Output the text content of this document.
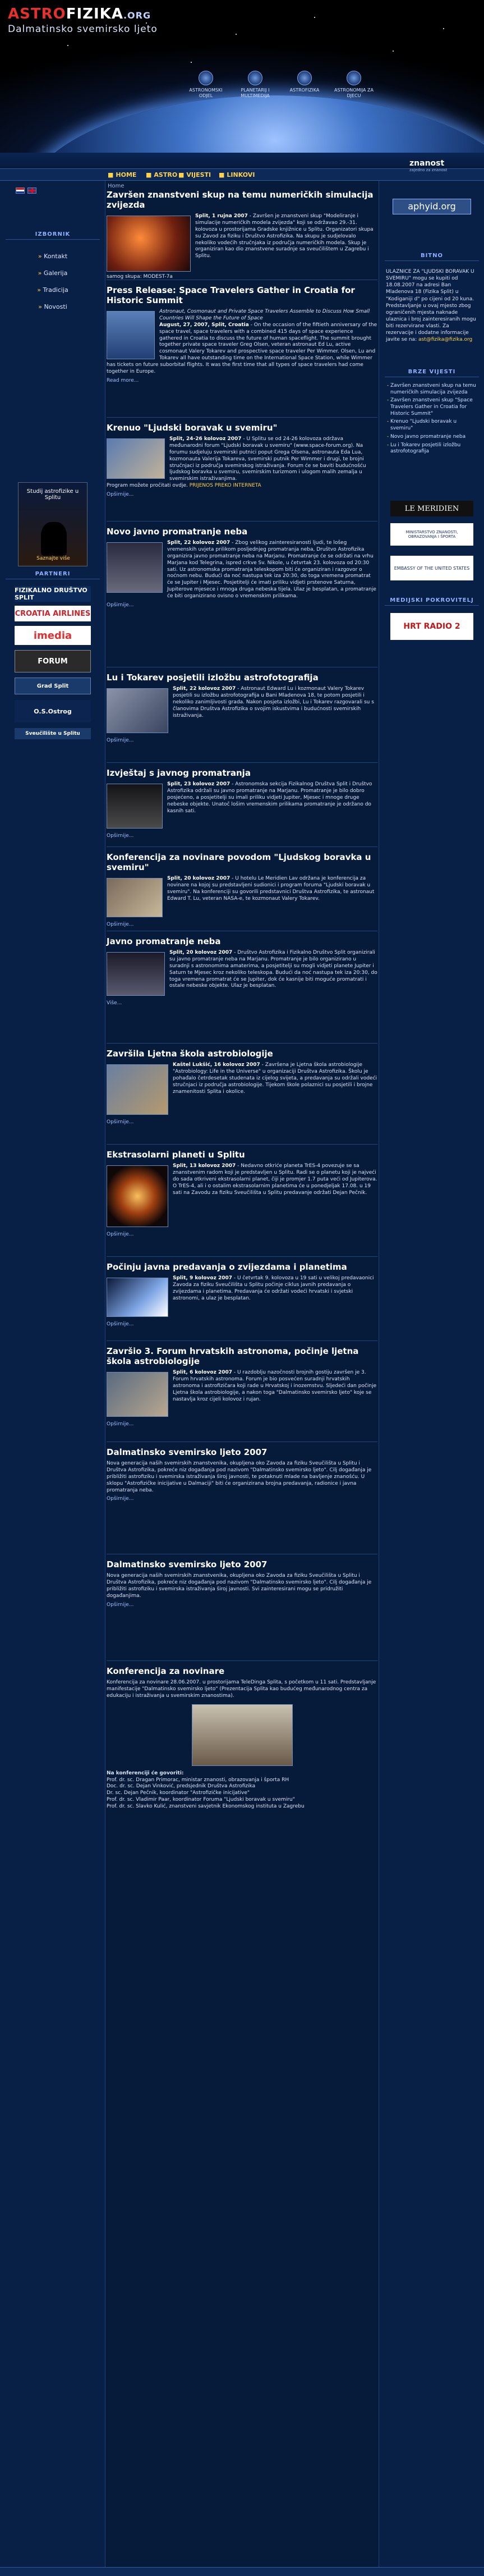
ASTROFIZIKA.ORG
Dalmatinsko svemirsko ljeto
ASTRONOMSKI ODJEL
PLANETARIJ I MULTIMEDIJA
ASTROFIZIKA	ASTRONOMIJA ZA DJECU
■ HOME ■ ASTRO ■ VIJESTI ■ LINKOVI
znanost
zajedno za znanost
Home
IZBORNIK
» Kontakt
» Galerija
» Tradicija
» Novosti
Studij astrofizike u Splitu
Saznajte više
PARTNERI
FIZIKALNO DRUŠTVO SPLIT
CROATIA AIRLINES
imedia
FORUM
Grad Split
O.S.Ostrog
Sveučilište u Splitu
aphyid.org
BITNO
ULAZNICE ZA "LJUDSKI BORAVAK U SVEMIRU" mogu se kupiti od 18.08.2007 na adresi Ban Mladenova 18 (Fizika Split) u "Kodiganiji d" po cijeni od 20 kuna. Predstavljanje u ovaj mjesto zbog ograničenih mjesta naknade ulaznica i broj zainteresiranih mogu biti rezervirane vlasti. Za rezervacije i dodatne informacije javite se na: ast@fizika@fizika.org
BRZE VIJESTI
- Završen znanstveni skup na temu numeričkih simulacija zvijezda
- Završen znanstveni skup "Space Travelers Gather in Croatia for Historic Summit"
- Krenuo "Ljudski boravak u svemiru"
- Novo javno promatranje neba
- Lu i Tokarev posjetili izložbu astrofotografija
LE MERIDIEN
MINISTARSTVO ZNANOSTI, OBRAZOVANJA I ŠPORTA
EMBASSY OF THE UNITED STATES
MEDIJSKI POKROVITELJ
HRT RADIO 2
Završen znanstveni skup na temu numeričkih simulacija zvijezda
Split, 1 rujna 2007 - Završen je znanstveni skup "Modeliranje i simulacije numeričkih modela zvijezda" koji se održavao 29.-31. kolovoza u prostorijama Gradske knjižnice u Splitu. Organizatori skupa su Zavod za fiziku i Društvo Astrofizika. Na skupu je sudjelovalo nekoliko vodećih stručnjaka iz područja numeričkih modela. Skup je organiziran kao dio znanstvene suradnje sa sveučilištem u Zagrebu i Splitu.
samog skupa: MODEST-7a
Press Release: Space Travelers Gather in Croatia for Historic Summit
Astronaut, Cosmonaut and Private Space Travelers Assemble to Discuss How Small Countries Will Shape the Future of Space
August, 27, 2007, Split, Croatia - On the occasion of the fiftieth anniversary of the space travel, space travelers with a combined 415 days of space experience gathered in Croatia to discuss the future of human spaceflight. The summit brought together private space traveler Greg Olsen, veteran astronaut Ed Lu, active cosmonaut Valery Tokarev and prospective space traveler Per Wimmer. Olsen, Lu and Tokarev all have outstanding time on the International Space Station, while Wimmer has tickets on future suborbital flights. It was the first time that all types of space travelers had come together in Europe.
Read more...
Krenuo "Ljudski boravak u svemiru"
Split, 24-26 kolovoz 2007 - U Splitu se od 24-26 kolovoza održava međunarodni forum "Ljudski boravak u svemiru" (www.space-forum.org). Na forumu sudjeluju svemirski putnici poput Grega Olsena, astronauta Eda Lua, kozmonauta Valerija Tokareva, svemirski putnik Per Wimmer i drugi, te brojni stručnjaci iz područja svemirskog istraživanja. Forum će se baviti budućnošću ljudskog boravka u svemiru, svemirskim turizmom i ulogom malih zemalja u svemirskim istraživanjima.
Program možete pročitati ovdje. PRIJENOS PREKO INTERNETA
Opširnije...
Novo javno promatranje neba
Split, 22 kolovoz 2007 - Zbog velikog zainteresiranosti ljudi, te lošeg vremenskih uvjeta prilikom posljednjeg promatranja neba, Društvo Astrofizika organizira javno promatranje neba na Marjanu. Promatranje će se održati na vrhu Marjana kod Telegrina, ispred crkve Sv. Nikole, u četvrtak 23. kolovoza od 20:30 sati. Uz astronomska promatranja teleskopom biti će organiziran i razgovor o noćnom nebu. Budući da noć nastupa tek iza 20:30, do toga vremena promatrat će se Jupiter i Mjesec. Posjetitelji će imati priliku vidjeti prstenove Saturna, Jupiterove mjesece i mnoga druga nebeska tijela. Ulaz je besplatan, a promatranje će biti organizirano ovisno o vremenskim prilikama.
Opširnije...
Lu i Tokarev posjetili izložbu astrofotografija
Split, 22 kolovoz 2007 - Astronaut Edward Lu i kozmonaut Valery Tokarev posjetili su izložbu astrofotografija u Bani Mladenova 18, te potom posjetili i nekoliko zanimljivosti grada. Nakon posjeta izložbi, Lu i Tokarev razgovarali su s članovima Društva Astrofizika o svojim iskustvima i budućnosti svemirskih istraživanja.
Opširnije...
Izvještaj s javnog promatranja
Split, 23 kolovoz 2007 - Astronomska sekcija Fizikalnog Društva Split i Društvo Astrofizika održali su javno promatranje na Marjanu. Promatranje je bilo dobro posjećeno, a posjetitelji su imali priliku vidjeti Jupiter, Mjesec i mnoge druge nebeske objekte. Unatoč lošim vremenskim prilikama promatranje je održano do kasnih sati.
Opširnije...
Konferencija za novinare povodom "Ljudskog boravka u svemiru"
Split, 20 kolovoz 2007 - U hotelu Le Meridien Lav održana je konferencija za novinare na kojoj su predstavljeni sudionici i program foruma "Ljudski boravak u svemiru". Na konferenciji su govorili predstavnici Društva Astrofizika, te astronaut Edward T. Lu, veteran NASA-e, te kozmonaut Valery Tokarev.
Opširnije...
Javno promatranje neba
Split, 20 kolovoz 2007 - Društvo Astrofizika i Fizikalno Društvo Split organizirali su javno promatranje neba na Marjanu. Promatranje je bilo organizirano u suradnji s astronomima amaterima, a posjetitelji su mogli vidjeti planete Jupiter i Saturn te Mjesec kroz nekoliko teleskopa. Budući da noć nastupa tek iza 20:30, do toga vremena promatrat će se Jupiter, dok će kasnije biti moguće promatrati i ostale nebeske objekte. Ulaz je besplatan.
Više...
Završila Ljetna škola astrobiologije
Kaštel Lukšić, 16 kolovoz 2007 - Završena je Ljetna škola astrobiologije "Astrobiology: Life in the Universe" u organizaciji Društva Astrofizika. Školu je pohađalo četrdesetak studenata iz cijelog svijeta, a predavanja su održali vodeći stručnjaci iz područja astrobiologije. Tijekom škole polaznici su posjetili i brojne znamenitosti Splita i okolice.
Opširnije...
Ekstrasolarni planeti u Splitu
Split, 13 kolovoz 2007 - Nedavno otkriće planeta TrES-4 povezuje se sa znanstvenim radom koji je predstavljen u Splitu. Radi se o planetu koji je najveći do sada otkriveni ekstrasolarni planet, čiji je promjer 1.7 puta veći od Jupiterova. O TrES-4, ali i o ostalim ekstrasolarnim planetima će u ponedjeljak 17.08. u 19 sati na Zavodu za fiziku Sveučilišta u Splitu predavanje održati Dejan Pečnik.
Opširnije...
Počinju javna predavanja o zvijezdama i planetima
Split, 9 kolovoz 2007 - U četvrtak 9. kolovoza u 19 sati u velikoj predavaonici Zavoda za fiziku Sveučilišta u Splitu počinje ciklus javnih predavanja o zvijezdama i planetima. Predavanja će održati vodeći hrvatski i svjetski astronomi, a ulaz je besplatan.
Opširnije...
Završio 3. Forum hrvatskih astronoma, počinje ljetna škola astrobiologije
Split, 6 kolovoz 2007 - U razdoblju nazočnosti brojnih gostiju završen je 3. Forum hrvatskih astronoma. Forum je bio posvećen suradnji hrvatskih astronoma i astrofizičara koji rade u Hrvatskoj i inozemstvu. Sljedeći dan počinje Ljetna škola astrobiologije, a nakon toga "Dalmatinsko svemirsko ljeto" koje se nastavlja kroz cijeli kolovoz i rujan.
Opširnije...
Dalmatinsko svemirsko ljeto 2007
Nova generacija naših svemirskih znanstvenika, okupljena oko Zavoda za fiziku Sveučilišta u Splitu i Društva Astrofizika, pokreće niz događanja pod nazivom "Dalmatinsko svemirsko ljeto". Cilj događanja je približiti astrofiziku i svemirska istraživanja široj javnosti, te potaknuti mlade na bavljenje znanošću. U sklopu "Astrofizičke inicijative u Dalmaciji" biti će organizirana brojna predavanja, radionice i javna promatranja neba.
Opširnije...
Dalmatinsko svemirsko ljeto 2007
Nova generacija naših svemirskih znanstvenika, okupljena oko Zavoda za fiziku Sveučilišta u Splitu i Društva Astrofizika, pokreće niz događanja pod nazivom "Dalmatinsko svemirsko ljeto". Cilj događanja je približiti astrofiziku i svemirska istraživanja široj javnosti. Svi zainteresirani mogu se pridružiti događanjima.
Opširnije...
Konferencija za novinare
Konferencija za novinare 28.06.2007. u prostorijama TeleDinga Splita, s početkom u 11 sati. Predstavljanje manifestacije "Dalmatinsko svemirsko ljeto" (Prezentacija Splita kao budućeg međunarodnog centra za edukaciju i istraživanja u svemirskim znanostima).
Na konferenciji će govoriti:
Prof. dr. sc. Dragan Primorac, ministar znanosti, obrazovanja i športa RH
Doc. dr. sc. Dejan Vinković, predsjednik Društva Astrofizika
Dr. sc. Dejan Pečnik, koordinator "Astrofizičke inicijative"
Prof. dr. sc. Vladimir Paar, koordinator Foruma "Ljudski boravak u svemiru"
Prof. dr. sc. Slavko Kulić, znanstveni savjetnik Ekonomskog instituta u Zagrebu
